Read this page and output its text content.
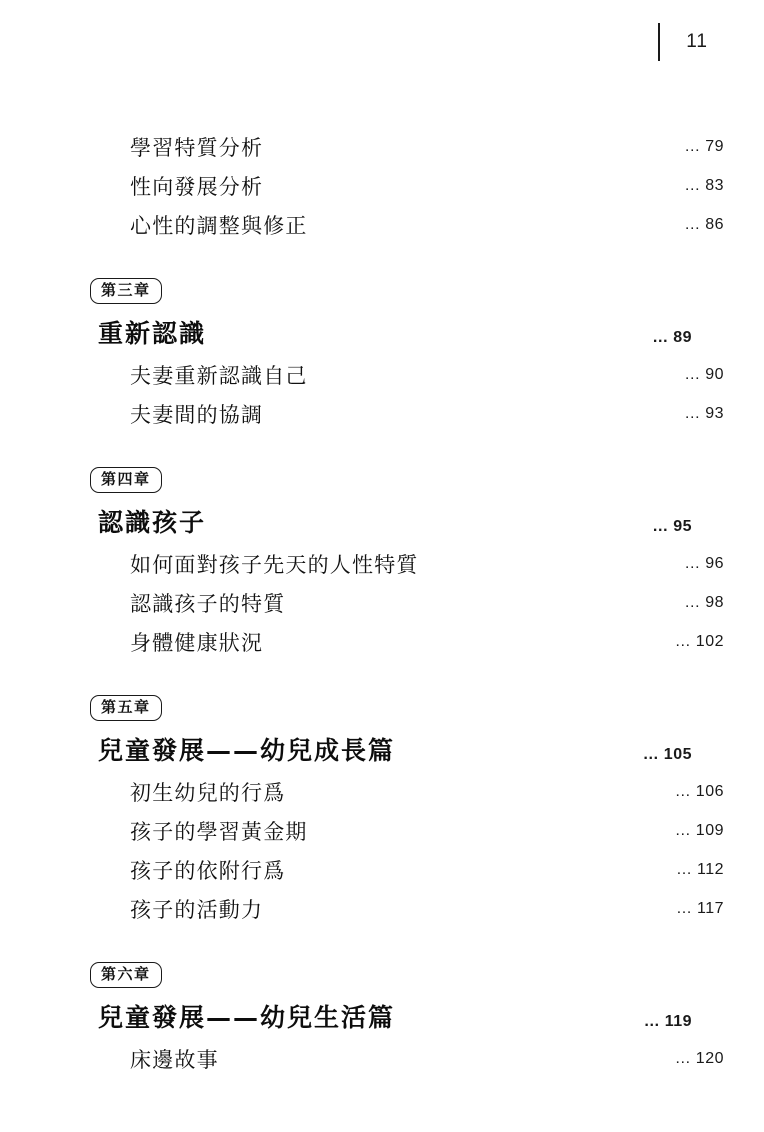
11
學習特質分析	… 79
性向發展分析	… 83
心性的調整與修正	… 86
第三章
重新認識	… 89
夫妻重新認識自己	… 90
夫妻間的協調	… 93
第四章
認識孩子	… 95
如何面對孩子先天的人性特質	… 96
認識孩子的特質	… 98
身體健康狀況	… 102
第五章
兒童發展——幼兒成長篇	… 105
初生幼兒的行爲	… 106
孩子的學習黃金期	… 109
孩子的依附行爲	… 112
孩子的活動力	… 117
第六章
兒童發展——幼兒生活篇	… 119
床邊故事	… 120
